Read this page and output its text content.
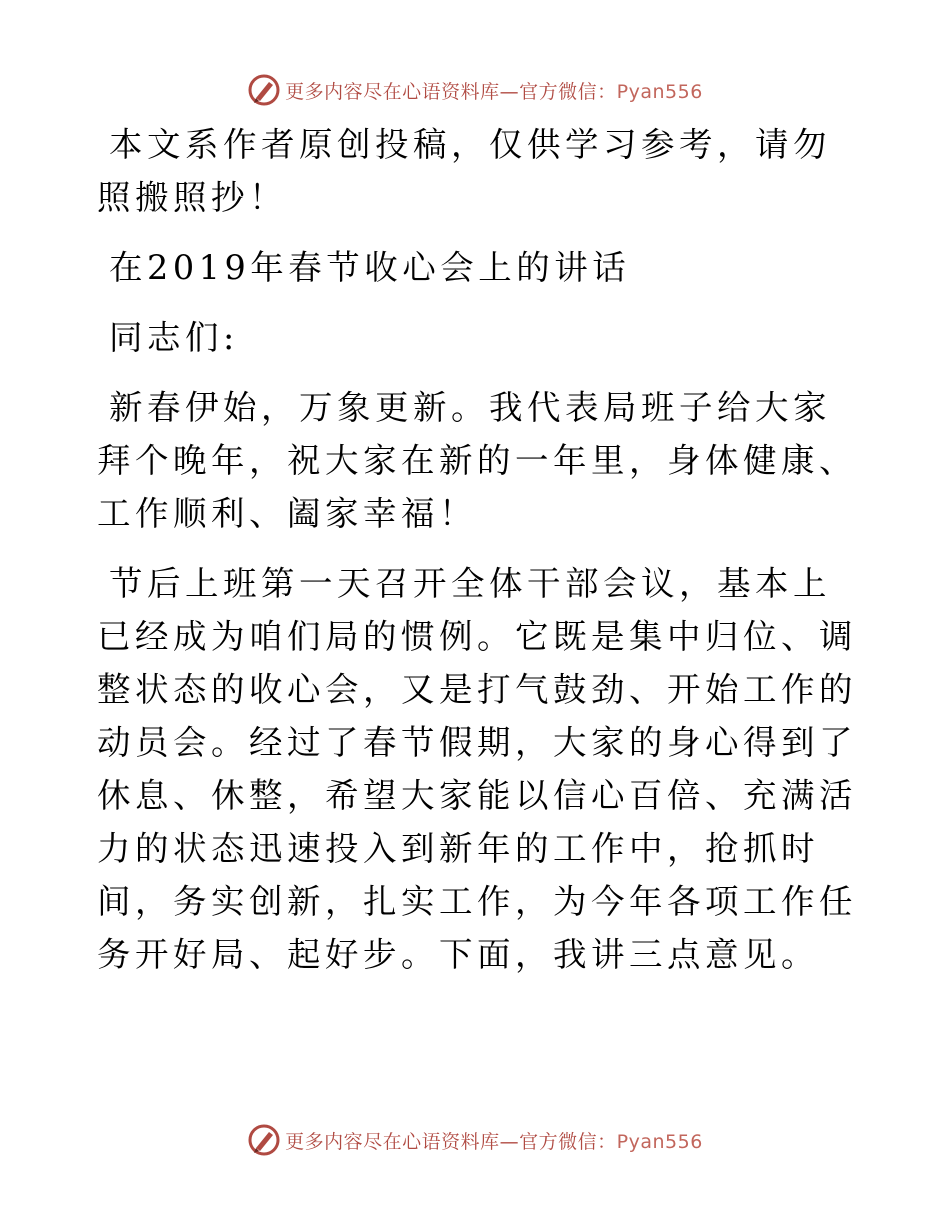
更多内容尽在心语资料库—官方微信：Pyan556

本文系作者原创投稿，仅供学习参考，请勿照搬照抄！

在2019年春节收心会上的讲话

同志们:

新春伊始，万象更新。我代表局班子给大家拜个晚年，祝大家在新的一年里，身体健康、工作顺利、阖家幸福！

节后上班第一天召开全体干部会议，基本上已经成为咱们局的惯例。它既是集中归位、调整状态的收心会，又是打气鼓劲、开始工作的动员会。经过了春节假期，大家的身心得到了休息、休整，希望大家能以信心百倍、充满活力的状态迅速投入到新年的工作中，抢抓时间，务实创新，扎实工作，为今年各项工作任务开好局、起好步。下面，我讲三点意见。

更多内容尽在心语资料库—官方微信：Pyan556
